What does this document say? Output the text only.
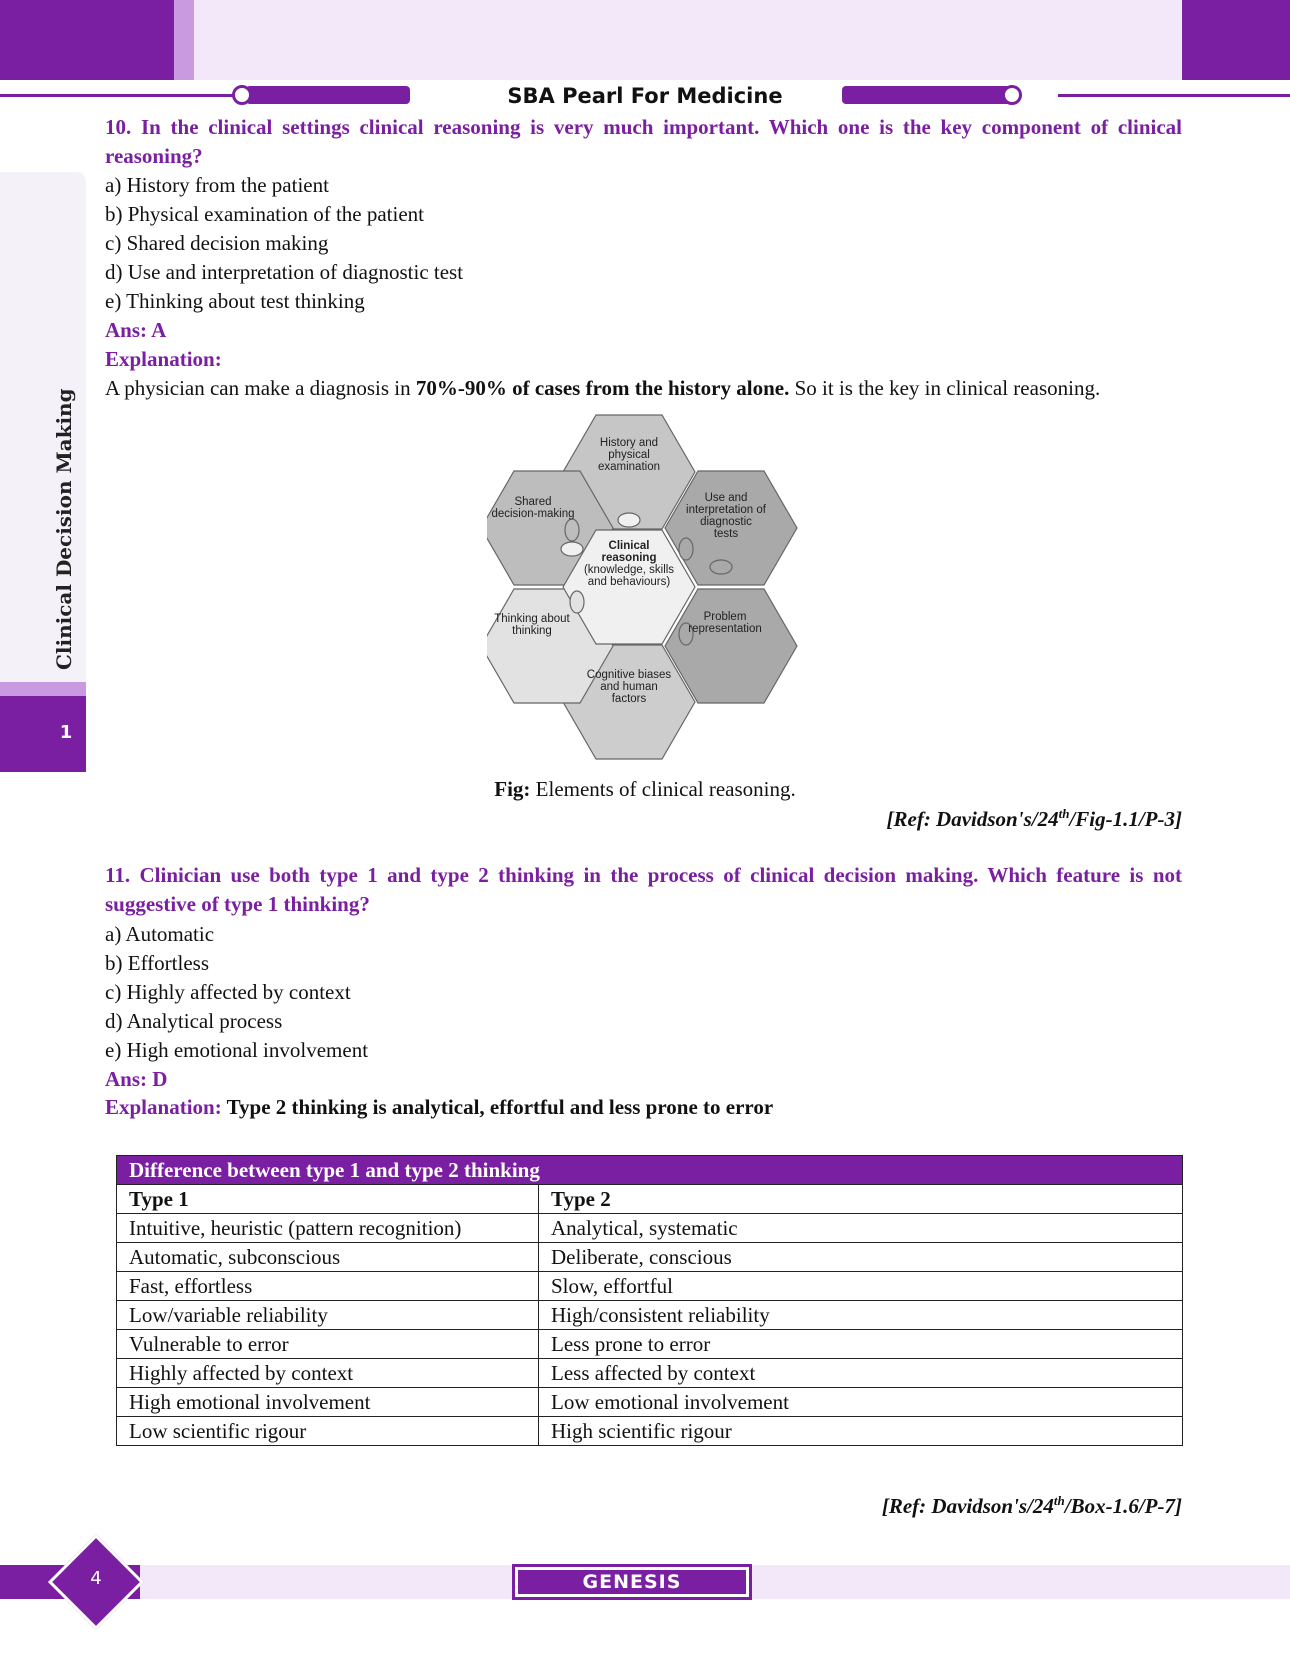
SBA Pearl For Medicine
Clinical Decision Making
1
10. In the clinical settings clinical reasoning is very much important. Which one is the key component of clinical reasoning?
a) History from the patient
b) Physical examination of the patient
c) Shared decision making
d) Use and interpretation of diagnostic test
e) Thinking about test thinking
Ans: A
Explanation:
A physician can make a diagnosis in 70%-90% of cases from the history alone. So it is the key in clinical reasoning.
Clinical
reasoning
(knowledge, skills
and behaviours)
History and
physical
examination
Use and
interpretation of
diagnostic
tests
Problem
representation
Cognitive biases
and human
factors
Thinking about
thinking
Shared
decision-making
Fig: Elements of clinical reasoning.
[Ref: Davidson's/24th/Fig-1.1/P-3]
11. Clinician use both type 1 and type 2 thinking in the process of clinical decision making. Which feature is not suggestive of type 1 thinking?
a) Automatic
b) Effortless
c) Highly affected by context
d) Analytical process
e) High emotional involvement
Ans: D
Explanation: Type 2 thinking is analytical, effortful and less prone to error
Difference between type 1 and type 2 thinking	
Type 1	Type 2
Intuitive, heuristic (pattern recognition)	Analytical, systematic
Automatic, subconscious	Deliberate, conscious
Fast, effortless	Slow, effortful
Low/variable reliability	High/consistent reliability
Vulnerable to error	Less prone to error
Highly affected by context	Less affected by context
High emotional involvement	Low emotional involvement
Low scientific rigour	High scientific rigour
[Ref: Davidson's/24th/Box-1.6/P-7]
4	GENESIS
